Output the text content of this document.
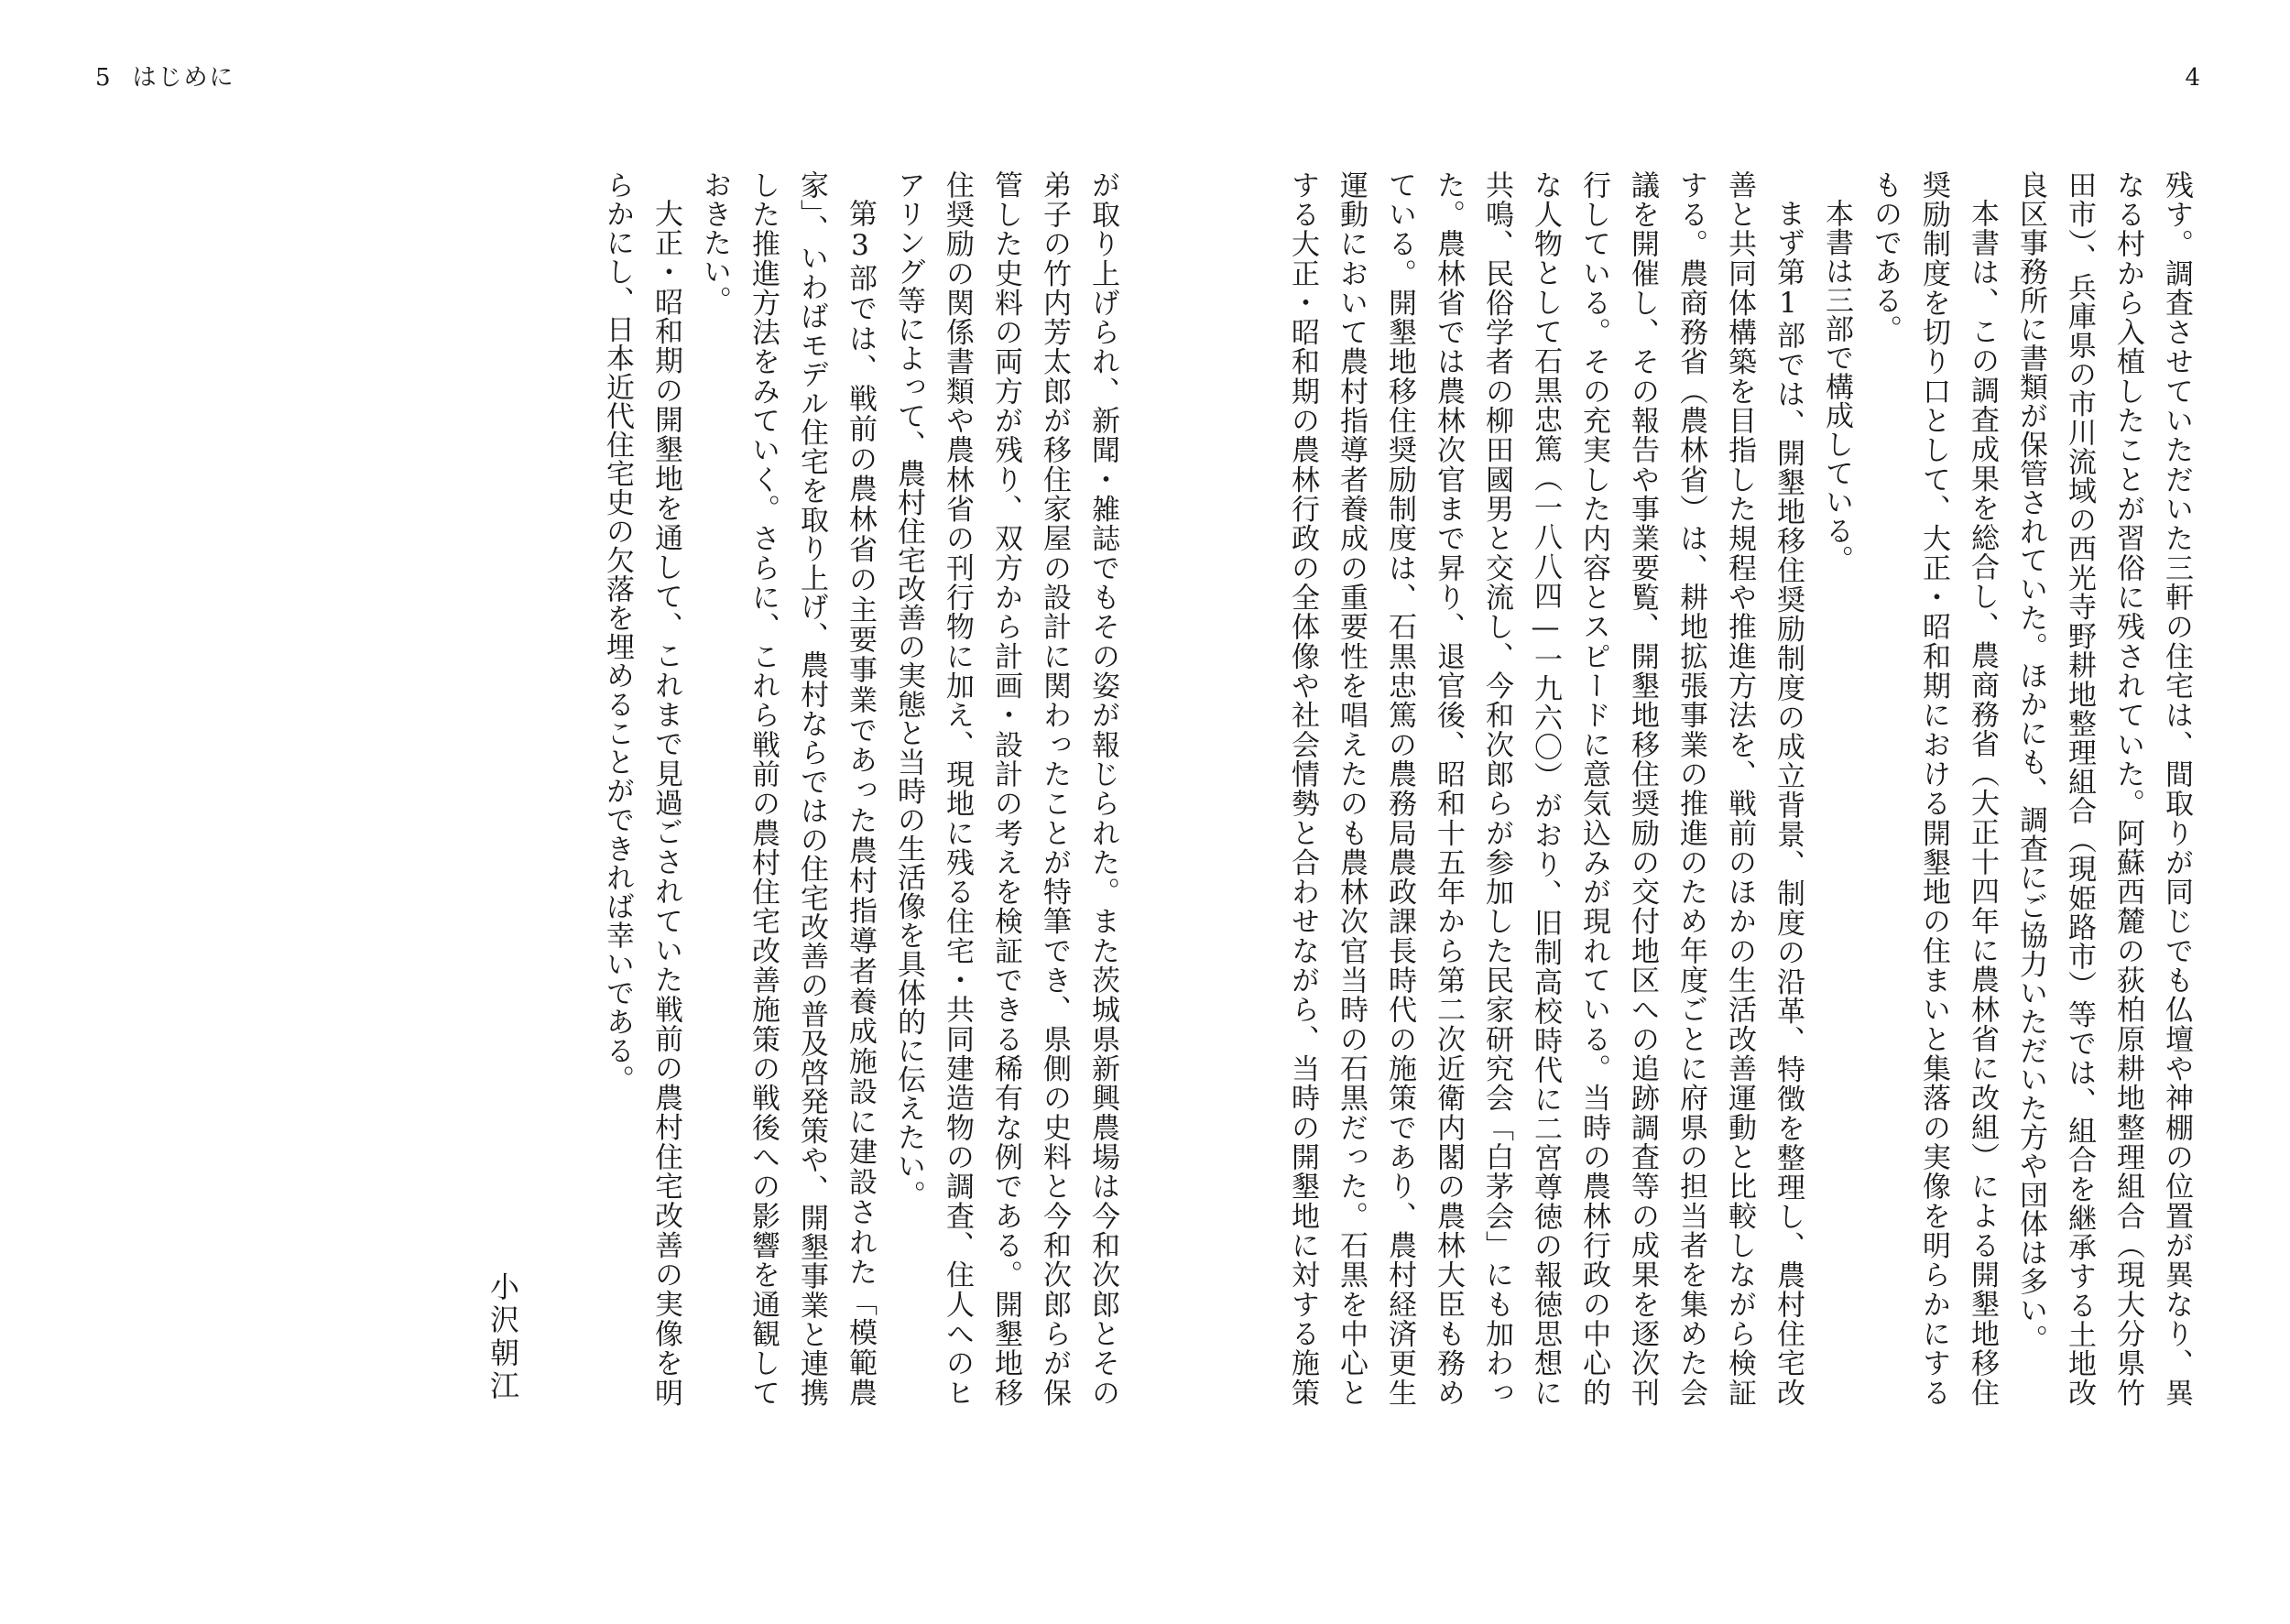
5 はじめに	4

残す。調査させていただいた三軒の住宅は、間取りが同じでも仏壇や神棚の位置が異なり、異なる村から入植したことが習俗に残されていた。阿蘇西麓の荻柏原耕地整理組合（現大分県竹田市）、兵庫県の市川流域の西光寺野耕地整理組合（現姫路市）等では、組合を継承する土地改良区事務所に書類が保管されていた。ほかにも、調査にご協力いただいた方や団体は多い。

本書は、この調査成果を総合し、農商務省（大正十四年に農林省に改組）による開墾地移住奨励制度を切り口として、大正・昭和期における開墾地の住まいと集落の実像を明らかにするものである。

本書は三部で構成している。

まず第1部では、開墾地移住奨励制度の成立背景、制度の沿革、特徴を整理し、農村住宅改善と共同体構築を目指した規程や推進方法を、戦前のほかの生活改善運動と比較しながら検証する。農商務省（農林省）は、耕地拡張事業の推進のため年度ごとに府県の担当者を集めた会議を開催し、その報告や事業要覧、開墾地移住奨励の交付地区への追跡調査等の成果を逐次刊行している。その充実した内容とスピードに意気込みが現れている。当時の農林行政の中心的な人物として石黒忠篤（一八八四—一九六〇）がおり、旧制高校時代に二宮尊徳の報徳思想に共鳴、民俗学者の柳田國男と交流し、今和次郎らが参加した民家研究会「白茅会」にも加わった。農林省では農林次官まで昇り、退官後、昭和十五年から第二次近衛内閣の農林大臣も務めている。開墾地移住奨励制度は、石黒忠篤の農務局農政課長時代の施策であり、農村経済更生運動において農村指導者養成の重要性を唱えたのも農林次官当時の石黒だった。石黒を中心とする大正・昭和期の農林行政の全体像や社会情勢と合わせながら、当時の開墾地に対する施策

が取り上げられ、新聞・雑誌でもその姿が報じられた。また茨城県新興農場は今和次郎とその弟子の竹内芳太郎が移住家屋の設計に関わったことが特筆でき、県側の史料と今和次郎らが保管した史料の両方が残り、双方から計画・設計の考えを検証できる稀有な例である。開墾地移住奨励の関係書類や農林省の刊行物に加え、現地に残る住宅・共同建造物の調査、住人へのヒアリング等によって、農村住宅改善の実態と当時の生活像を具体的に伝えたい。

第3部では、戦前の農林省の主要事業であった農村指導者養成施設に建設された「模範農家」、いわばモデル住宅を取り上げ、農村ならではの住宅改善の普及啓発策や、開墾事業と連携した推進方法をみていく。さらに、これら戦前の農村住宅改善施策の戦後への影響を通観しておきたい。

大正・昭和期の開墾地を通して、これまで見過ごされていた戦前の農村住宅改善の実像を明らかにし、日本近代住宅史の欠落を埋めることができれば幸いである。

小沢朝江
